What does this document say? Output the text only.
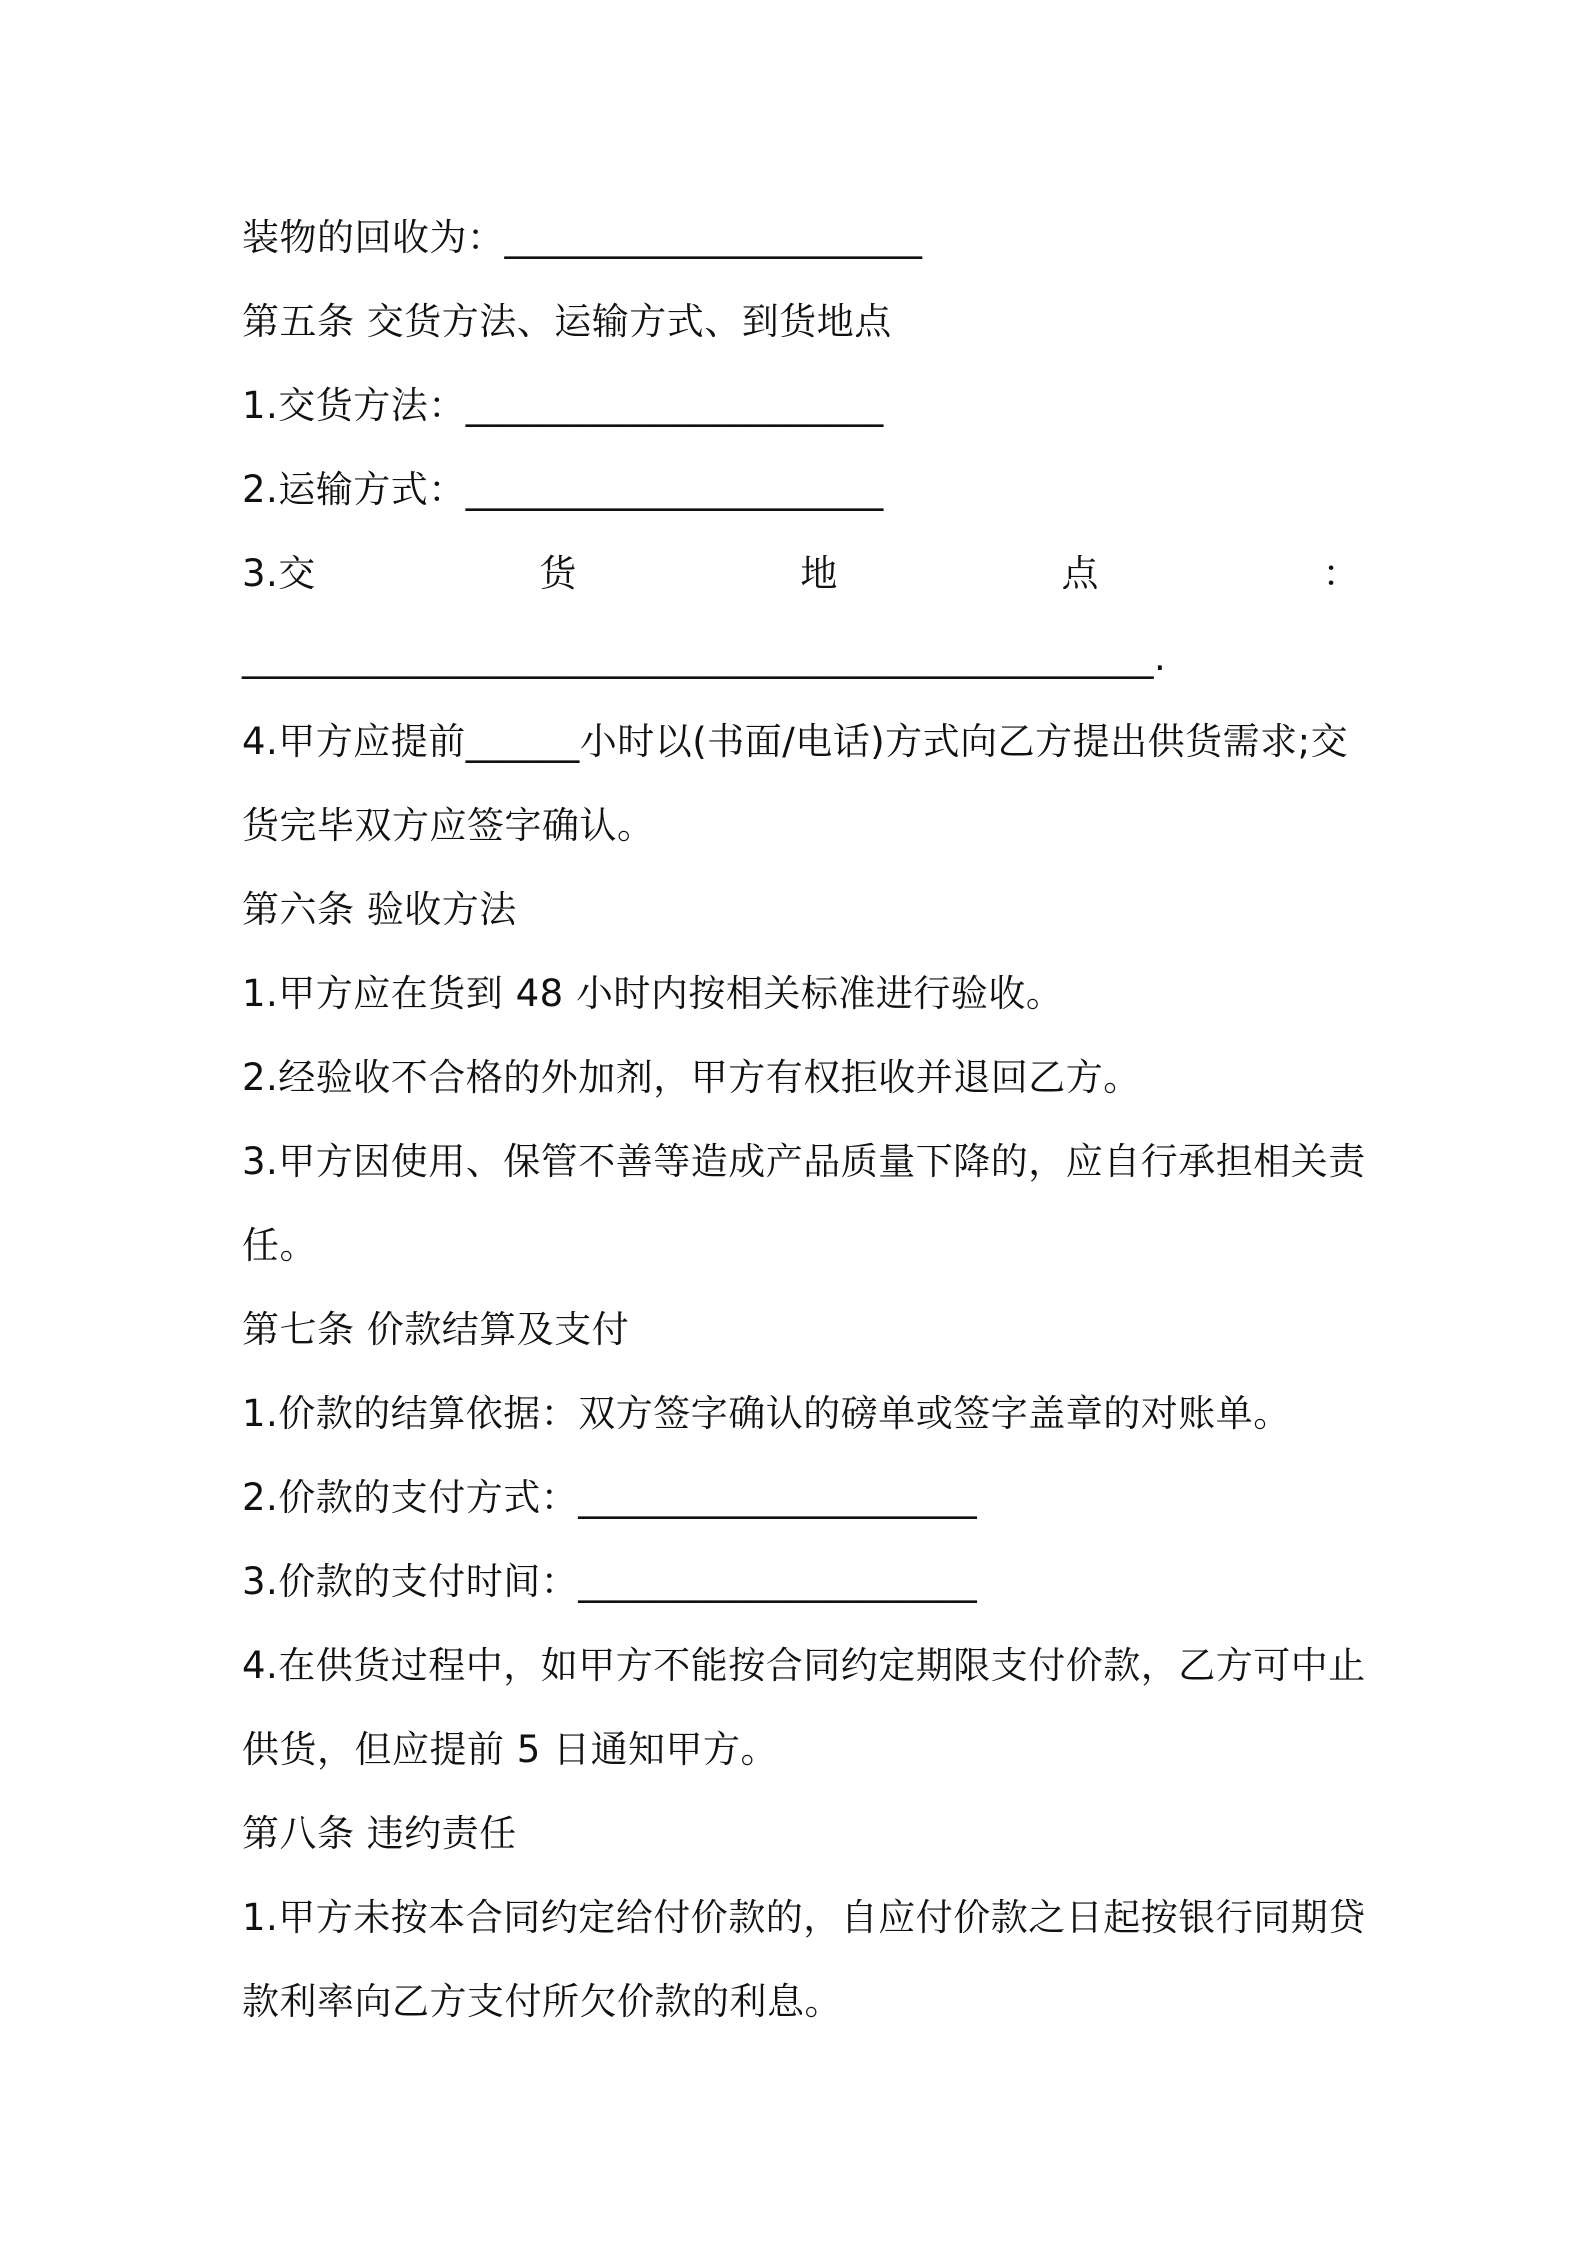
装物的回收为：______________________
第五条 交货方法、运输方式、到货地点
1.交货方法：______________________
2.运输方式：______________________
3.交	货	地	点	：
________________________________________________.
4.甲方应提前______小时以(书面/电话)方式向乙方提出供货需求;交
货完毕双方应签字确认。
第六条 验收方法
1.甲方应在货到 48 小时内按相关标准进行验收。
2.经验收不合格的外加剂，甲方有权拒收并退回乙方。
3.甲方因使用、保管不善等造成产品质量下降的，应自行承担相关责
任。
第七条 价款结算及支付
1.价款的结算依据：双方签字确认的磅单或签字盖章的对账单。
2.价款的支付方式：_____________________
3.价款的支付时间：_____________________
4.在供货过程中，如甲方不能按合同约定期限支付价款，乙方可中止
供货，但应提前 5 日通知甲方。
第八条 违约责任
1.甲方未按本合同约定给付价款的，自应付价款之日起按银行同期贷
款利率向乙方支付所欠价款的利息。
